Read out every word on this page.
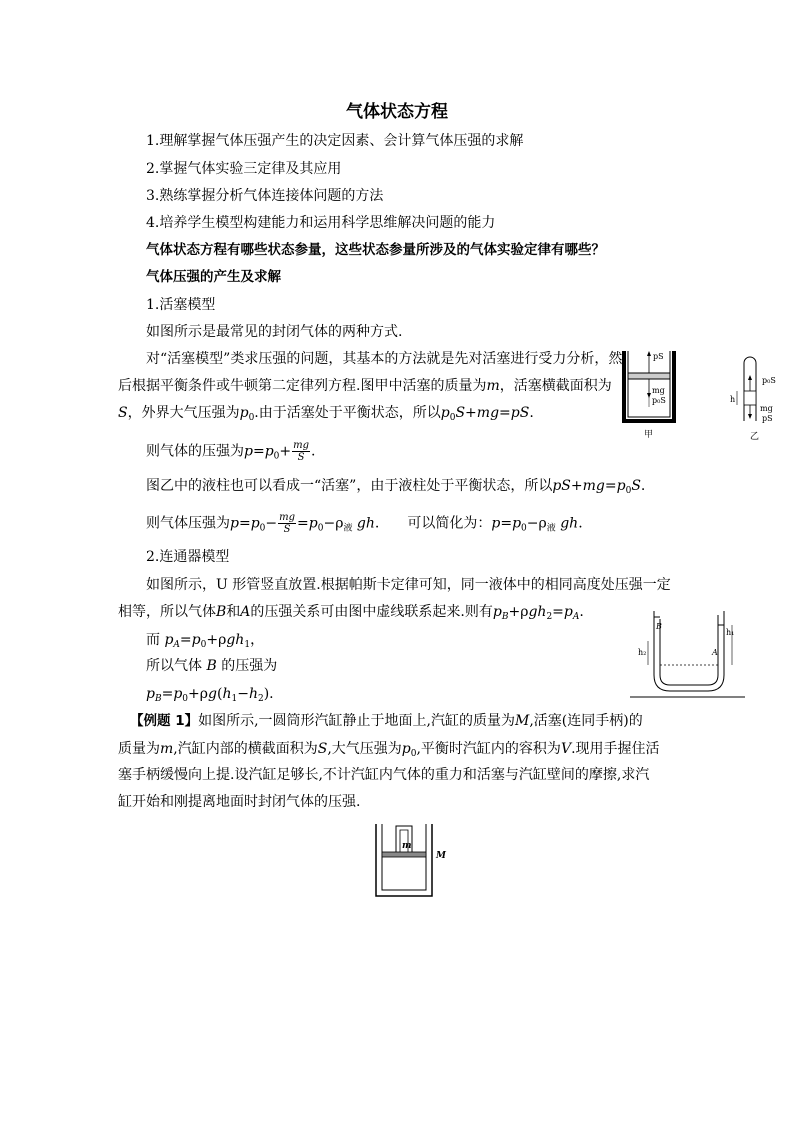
气体状态方程
1.理解掌握气体压强产生的决定因素、会计算气体压强的求解
2.掌握气体实验三定律及其应用
3.熟练掌握分析气体连接体问题的方法
4.培养学生模型构建能力和运用科学思维解决问题的能力
气体状态方程有哪些状态参量，这些状态参量所涉及的气体实验定律有哪些？
气体压强的产生及求解
1.活塞模型
如图所示是最常见的封闭气体的两种方式.
对“活塞模型”类求压强的问题，其基本的方法就是先对活塞进行受力分析，然
后根据平衡条件或牛顿第二定律列方程.图甲中活塞的质量为m，活塞横截面积为
S，外界大气压强为$p_0$.由于活塞处于平衡状态，所以$p_0S+mg=pS$.
则气体的压强为$p=p_0+ \frac{mg}{S}$ .
图乙中的液柱也可以看成一“活塞”，由于液柱处于平衡状态，所以$pS+mg=p_0S$.
则气体压强为$p=p_0- \frac{mg}{S} =p_0-\rho_液$ gh. 可以简化为：$p=p_0-\rho_液$ gh.
2.连通器模型
如图所示，U 形管竖直放置.根据帕斯卡定律可知，同一液体中的相同高度处压强一定
相等，所以气体B和A的压强关系可由图中虚线联系起来.则有$p_B+\rho gh_2=p_A$.
而 $p_A=p_0+\rho gh_1$，
所以气体 B 的压强为
$p_B=p_0+\rho g(h_1-h_2)$.
【例题 1】如图所示,一圆筒形汽缸静止于地面上,汽缸的质量为M,活塞(连同手柄)的
质量为m,汽缸内部的横截面积为S,大气压强为$p_0$,平衡时汽缸内的容积为V.现用手握住活
塞手柄缓慢向上提.设汽缸足够长,不计汽缸内气体的重力和活塞与汽缸壁间的摩擦,求汽
缸开始和刚提离地面时封闭气体的压强.
pS
mg
p₀S
甲
h
p₀S
mg
pS
乙
B
A
h₂
h₁
m
M
